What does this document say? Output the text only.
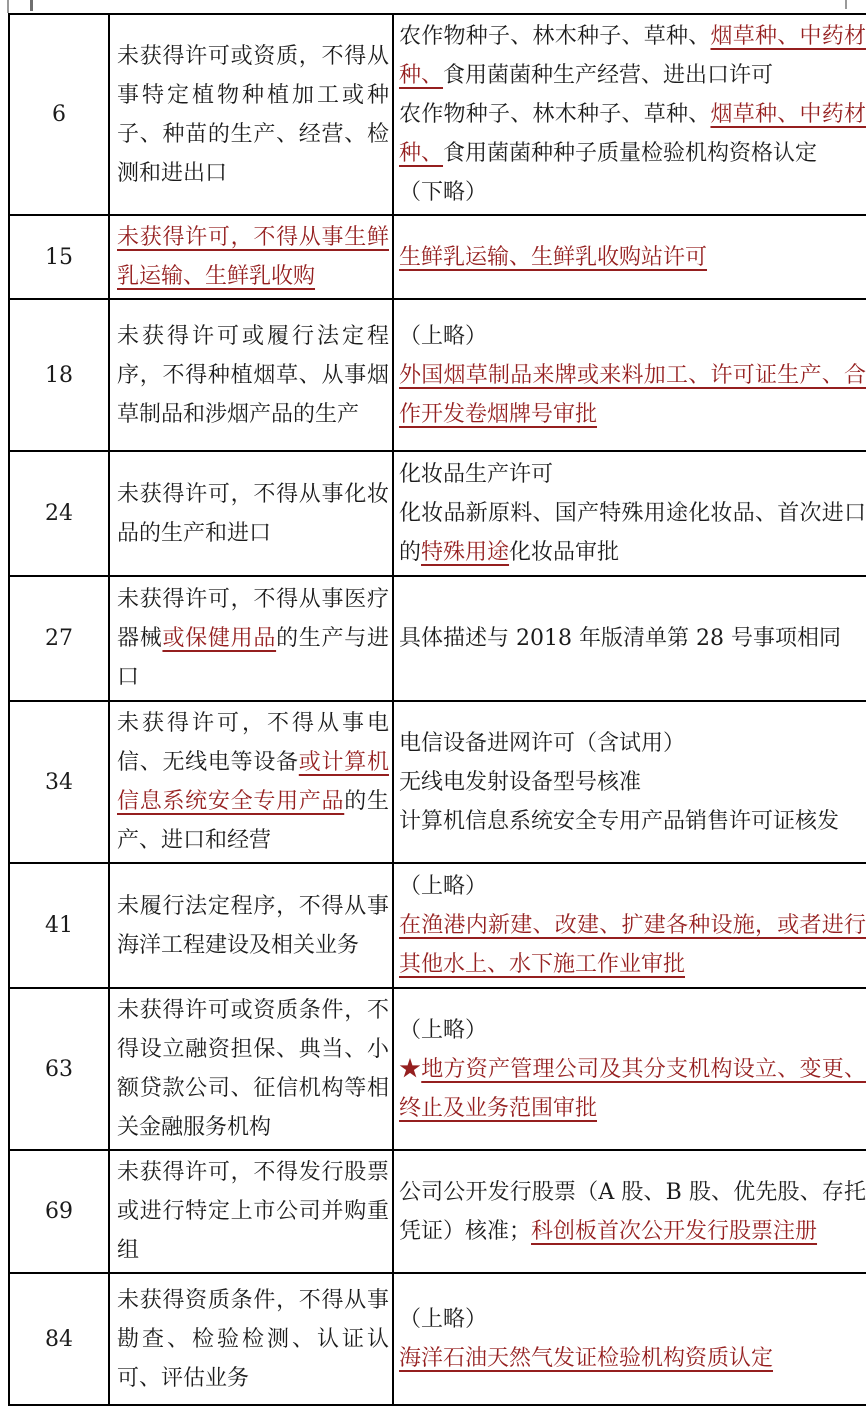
6	未获得许可或资质，不得从事特定植物种植加工或种子、种苗的生产、经营、检测和进出口	农作物种子、林木种子、草种、烟草种、中药材种、食用菌菌种生产经营、进出口许可
农作物种子、林木种子、草种、烟草种、中药材种、食用菌菌种种子质量检验机构资格认定
（下略）

15	未获得许可，不得从事生鲜乳运输、生鲜乳收购	生鲜乳运输、生鲜乳收购站许可

18	未获得许可或履行法定程序，不得种植烟草、从事烟草制品和涉烟产品的生产	（上略）
外国烟草制品来牌或来料加工、许可证生产、合作开发卷烟牌号审批

24	未获得许可，不得从事化妆品的生产和进口	化妆品生产许可
化妆品新原料、国产特殊用途化妆品、首次进口的特殊用途化妆品审批

27	未获得许可，不得从事医疗器械或保健用品的生产与进口	具体描述与 2018 年版清单第 28 号事项相同

34	未获得许可，不得从事电信、无线电等设备或计算机信息系统安全专用产品的生产、进口和经营	电信设备进网许可（含试用）
无线电发射设备型号核准
计算机信息系统安全专用产品销售许可证核发

41	未履行法定程序，不得从事海洋工程建设及相关业务	（上略）
在渔港内新建、改建、扩建各种设施，或者进行其他水上、水下施工作业审批

63	未获得许可或资质条件，不得设立融资担保、典当、小额贷款公司、征信机构等相关金融服务机构	（上略）
★地方资产管理公司及其分支机构设立、变更、终止及业务范围审批

69	未获得许可，不得发行股票或进行特定上市公司并购重组	公司公开发行股票（A 股、B 股、优先股、存托凭证）核准；科创板首次公开发行股票注册

84	未获得资质条件，不得从事勘查、检验检测、认证认可、评估业务	（上略）
海洋石油天然气发证检验机构资质认定
